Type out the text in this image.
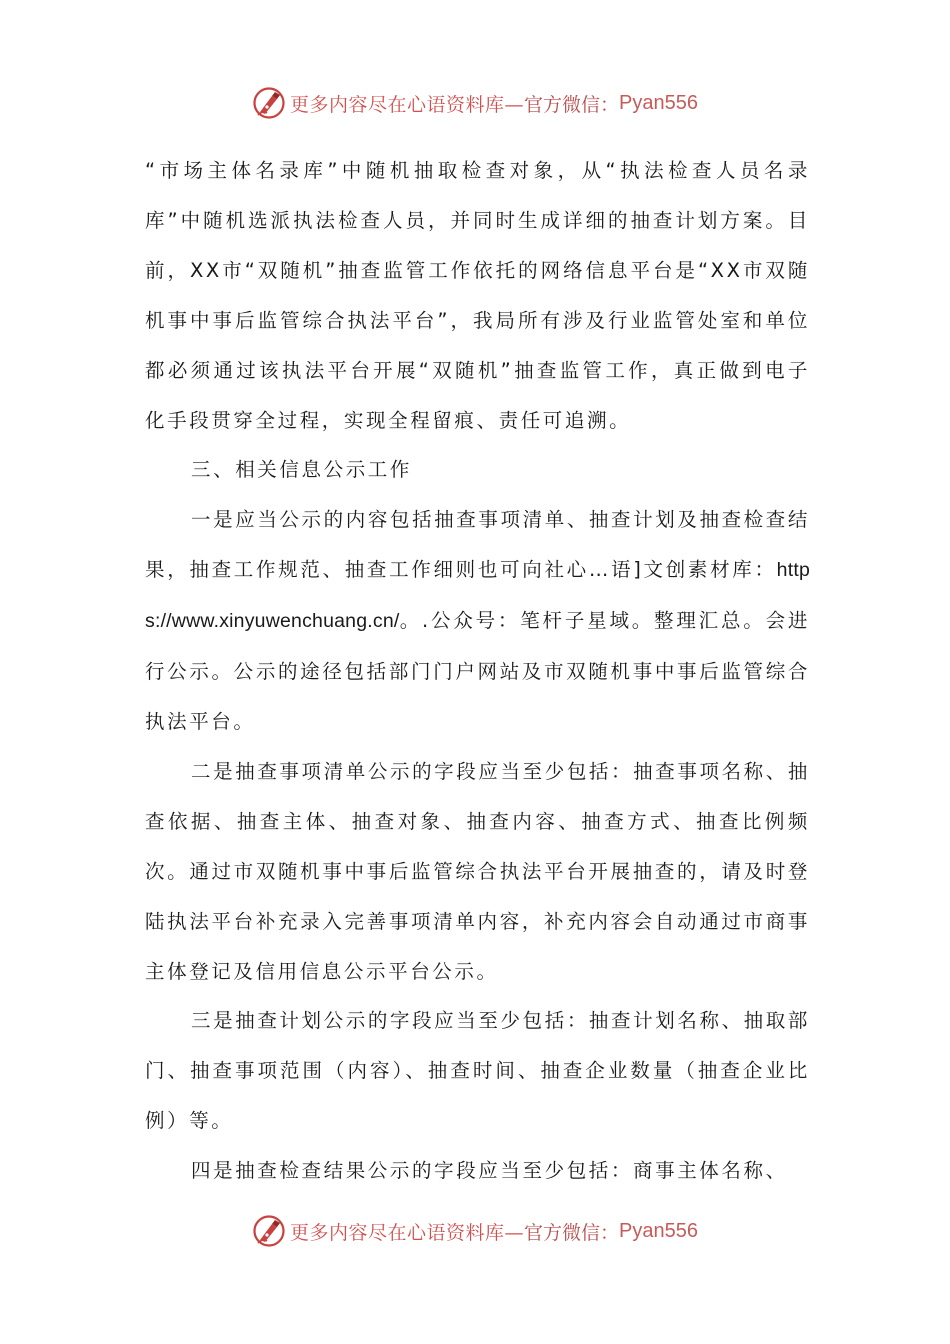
更多内容尽在心语资料库— 官方微信： Pyan556

“市场主体名录库”中随机抽取检查对象，从“执法检查人员名录库”中随机选派执法检查人员，并同时生成详细的抽查计划方案。目前，XX市“双随机”抽查监管工作依托的网络信息平台是“XX市双随机事中事后监管综合执法平台”，我局所有涉及行业监管处室和单位都必须通过该执法平台开展“双随机”抽查监管工作，真正做到电子化手段贯穿全过程，实现全程留痕、责任可追溯。

三、相关信息公示工作

一是应当公示的内容包括抽查事项清单、抽查计划及抽查检查结果，抽查工作规范、抽查工作细则也可向社心…语]文创素材库：https://www.xinyuwenchuang.cn/。.公众号：笔杆子星域。整理汇总。会进行公示。公示的途径包括部门门户网站及市双随机事中事后监管综合执法平台。

二是抽查事项清单公示的字段应当至少包括：抽查事项名称、抽查依据、抽查主体、抽查对象、抽查内容、抽查方式、抽查比例频次。通过市双随机事中事后监管综合执法平台开展抽查的，请及时登陆执法平台补充录入完善事项清单内容，补充内容会自动通过市商事主体登记及信用信息公示平台公示。

三是抽查计划公示的字段应当至少包括：抽查计划名称、抽取部门、抽查事项范围（内容）、抽查时间、抽查企业数量（抽查企业比例）等。

四是抽查检查结果公示的字段应当至少包括：商事主体名称、

更多内容尽在心语资料库— 官方微信： Pyan556
